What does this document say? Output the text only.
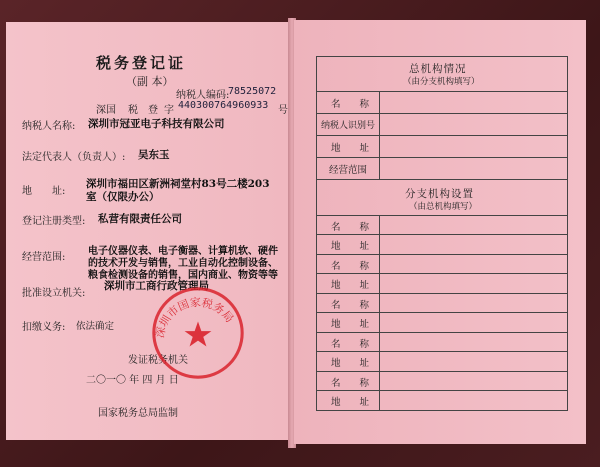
税务登记证
（副 本）
纳税人编码:
78525072
深国 税 登 字 440300764960933 号
纳税人名称: 深圳市冠亚电子科技有限公司
法定代表人（负责人）: 吴东玉
地　　址:
深圳市福田区新洲祠堂村83号二楼203
室（仅限办公）
登记注册类型: 私营有限责任公司
经营范围:
电子仪器仪表、电子衡器、计算机软、硬件
的技术开发与销售，工业自动化控制设备、
粮食检测设备的销售，国内商业、物资等等
批准设立机关:
深圳市工商行政管理局
扣缴义务: 依法确定
发证税务机关
二〇一〇 年 四 月 日
国家税务总局监制
深圳市国家税务局
总机构情况
（由分支机构填写）
名　　称
纳税人识别号
地　　址
经营范围
分支机构设置
（由总机构填写）
名　　称
地　　址
名　　称
地　　址
名　　称
地　　址
名　　称
地　　址
名　　称
地　　址
